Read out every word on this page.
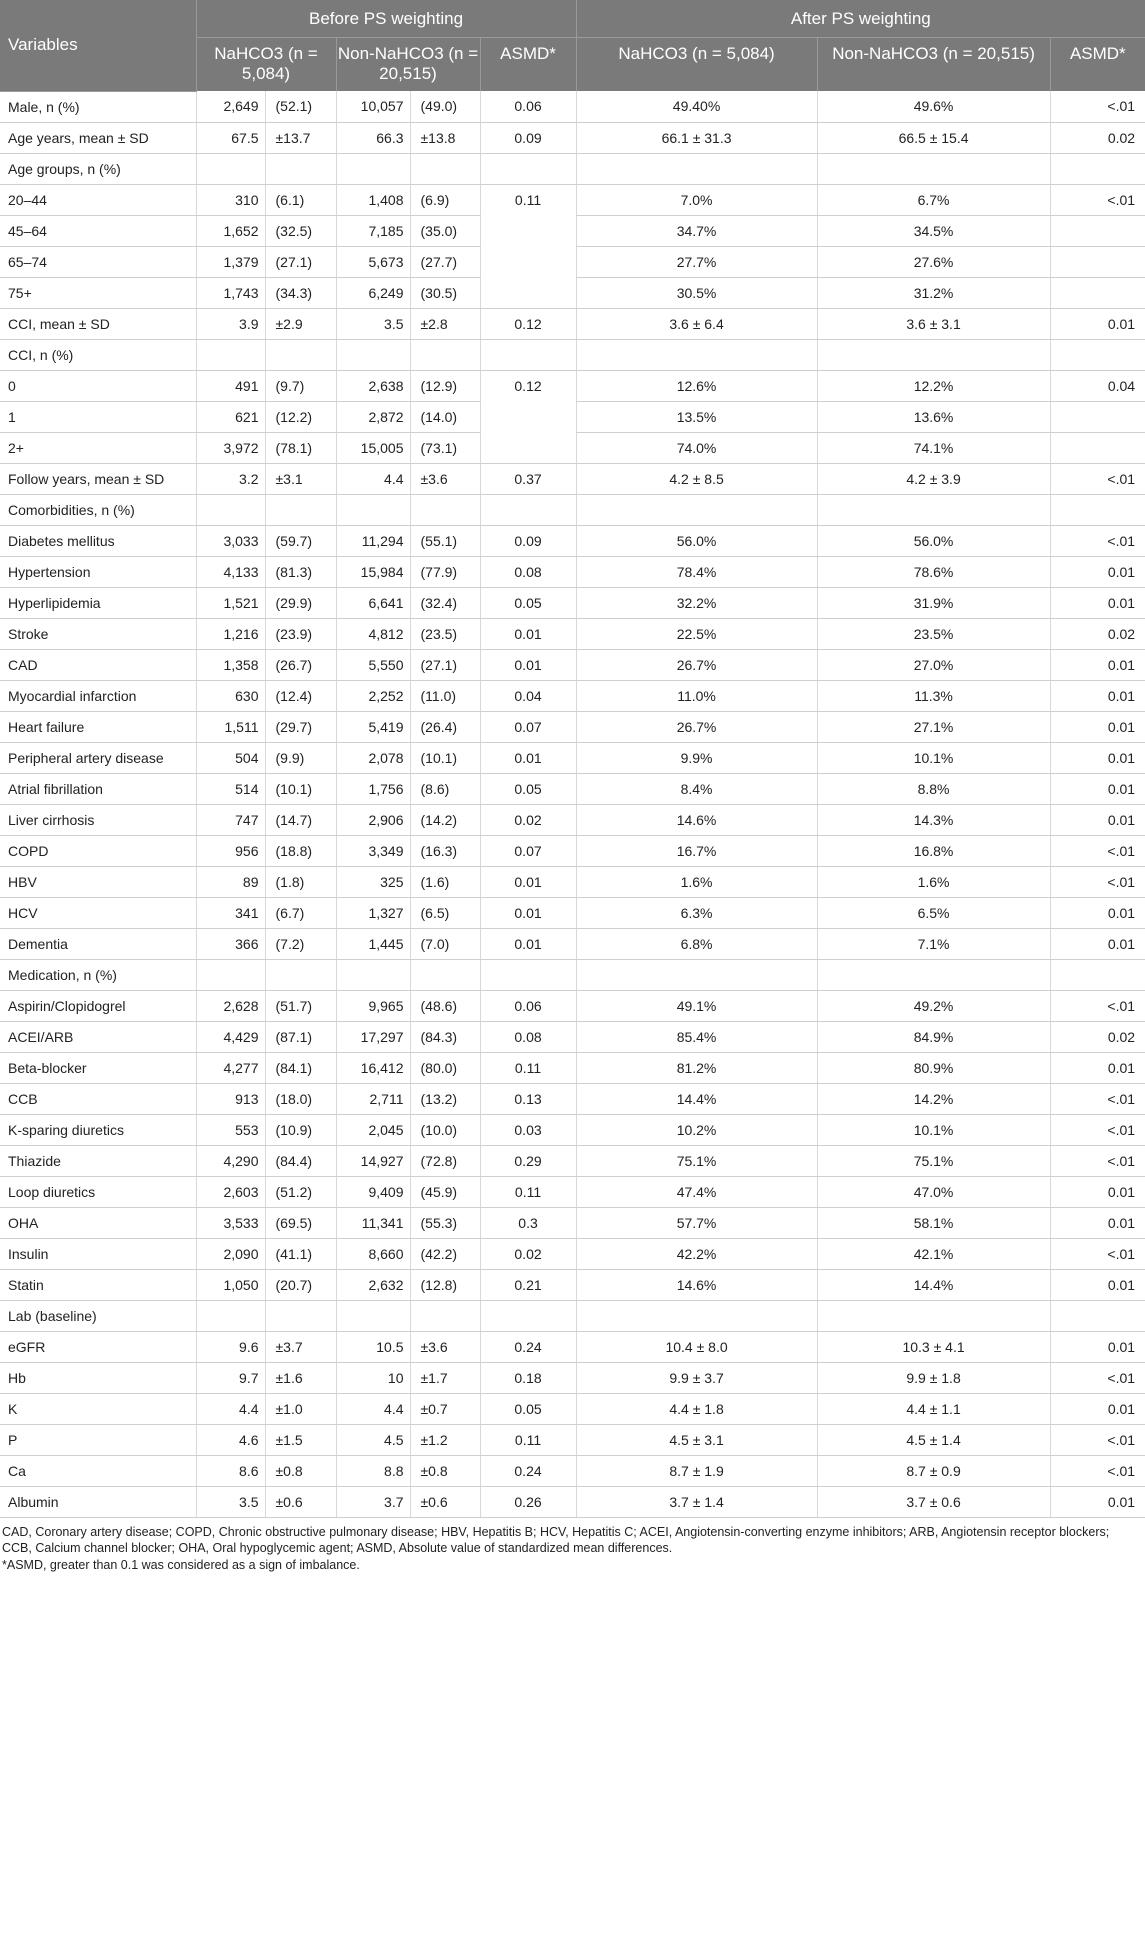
Variables	Before PS weighting					After PS weighting		
	NaHCO3 (n = 5,084)		Non-NaHCO3 (n = 20,515)		ASMD*	NaHCO3 (n = 5,084)	Non-NaHCO3 (n = 20,515)	ASMD*
Male, n (%)	2,649	(52.1)	10,057	(49.0)	0.06	49.40%	49.6%	<.01
Age years, mean ± SD	67.5	±13.7	66.3	±13.8	0.09	66.1 ± 31.3	66.5 ± 15.4	0.02
Age groups, n (%)								
20–44	310	(6.1)	1,408	(6.9)	0.11	7.0%	6.7%	<.01
45–64	1,652	(32.5)	7,185	(35.0)		34.7%	34.5%	
65–74	1,379	(27.1)	5,673	(27.7)		27.7%	27.6%	
75+	1,743	(34.3)	6,249	(30.5)		30.5%	31.2%	
CCI, mean ± SD	3.9	±2.9	3.5	±2.8	0.12	3.6 ± 6.4	3.6 ± 3.1	0.01
CCI, n (%)								
0	491	(9.7)	2,638	(12.9)	0.12	12.6%	12.2%	0.04
1	621	(12.2)	2,872	(14.0)		13.5%	13.6%	
2+	3,972	(78.1)	15,005	(73.1)		74.0%	74.1%	
Follow years, mean ± SD	3.2	±3.1	4.4	±3.6	0.37	4.2 ± 8.5	4.2 ± 3.9	<.01
Comorbidities, n (%)								
Diabetes mellitus	3,033	(59.7)	11,294	(55.1)	0.09	56.0%	56.0%	<.01
Hypertension	4,133	(81.3)	15,984	(77.9)	0.08	78.4%	78.6%	0.01
Hyperlipidemia	1,521	(29.9)	6,641	(32.4)	0.05	32.2%	31.9%	0.01
Stroke	1,216	(23.9)	4,812	(23.5)	0.01	22.5%	23.5%	0.02
CAD	1,358	(26.7)	5,550	(27.1)	0.01	26.7%	27.0%	0.01
Myocardial infarction	630	(12.4)	2,252	(11.0)	0.04	11.0%	11.3%	0.01
Heart failure	1,511	(29.7)	5,419	(26.4)	0.07	26.7%	27.1%	0.01
Peripheral artery disease	504	(9.9)	2,078	(10.1)	0.01	9.9%	10.1%	0.01
Atrial fibrillation	514	(10.1)	1,756	(8.6)	0.05	8.4%	8.8%	0.01
Liver cirrhosis	747	(14.7)	2,906	(14.2)	0.02	14.6%	14.3%	0.01
COPD	956	(18.8)	3,349	(16.3)	0.07	16.7%	16.8%	<.01
HBV	89	(1.8)	325	(1.6)	0.01	1.6%	1.6%	<.01
HCV	341	(6.7)	1,327	(6.5)	0.01	6.3%	6.5%	0.01
Dementia	366	(7.2)	1,445	(7.0)	0.01	6.8%	7.1%	0.01
Medication, n (%)								
Aspirin/Clopidogrel	2,628	(51.7)	9,965	(48.6)	0.06	49.1%	49.2%	<.01
ACEI/ARB	4,429	(87.1)	17,297	(84.3)	0.08	85.4%	84.9%	0.02
Beta-blocker	4,277	(84.1)	16,412	(80.0)	0.11	81.2%	80.9%	0.01
CCB	913	(18.0)	2,711	(13.2)	0.13	14.4%	14.2%	<.01
K-sparing diuretics	553	(10.9)	2,045	(10.0)	0.03	10.2%	10.1%	<.01
Thiazide	4,290	(84.4)	14,927	(72.8)	0.29	75.1%	75.1%	<.01
Loop diuretics	2,603	(51.2)	9,409	(45.9)	0.11	47.4%	47.0%	0.01
OHA	3,533	(69.5)	11,341	(55.3)	0.3	57.7%	58.1%	0.01
Insulin	2,090	(41.1)	8,660	(42.2)	0.02	42.2%	42.1%	<.01
Statin	1,050	(20.7)	2,632	(12.8)	0.21	14.6%	14.4%	0.01
Lab (baseline)								
eGFR	9.6	±3.7	10.5	±3.6	0.24	10.4 ± 8.0	10.3 ± 4.1	0.01
Hb	9.7	±1.6	10	±1.7	0.18	9.9 ± 3.7	9.9 ± 1.8	<.01
K	4.4	±1.0	4.4	±0.7	0.05	4.4 ± 1.8	4.4 ± 1.1	0.01
P	4.6	±1.5	4.5	±1.2	0.11	4.5 ± 3.1	4.5 ± 1.4	<.01
Ca	8.6	±0.8	8.8	±0.8	0.24	8.7 ± 1.9	8.7 ± 0.9	<.01
Albumin	3.5	±0.6	3.7	±0.6	0.26	3.7 ± 1.4	3.7 ± 0.6	0.01

CAD, Coronary artery disease; COPD, Chronic obstructive pulmonary disease; HBV, Hepatitis B; HCV, Hepatitis C; ACEI, Angiotensin-converting enzyme inhibitors; ARB, Angiotensin receptor blockers; CCB, Calcium channel blocker; OHA, Oral hypoglycemic agent; ASMD, Absolute value of standardized mean differences.

*ASMD, greater than 0.1 was considered as a sign of imbalance.
